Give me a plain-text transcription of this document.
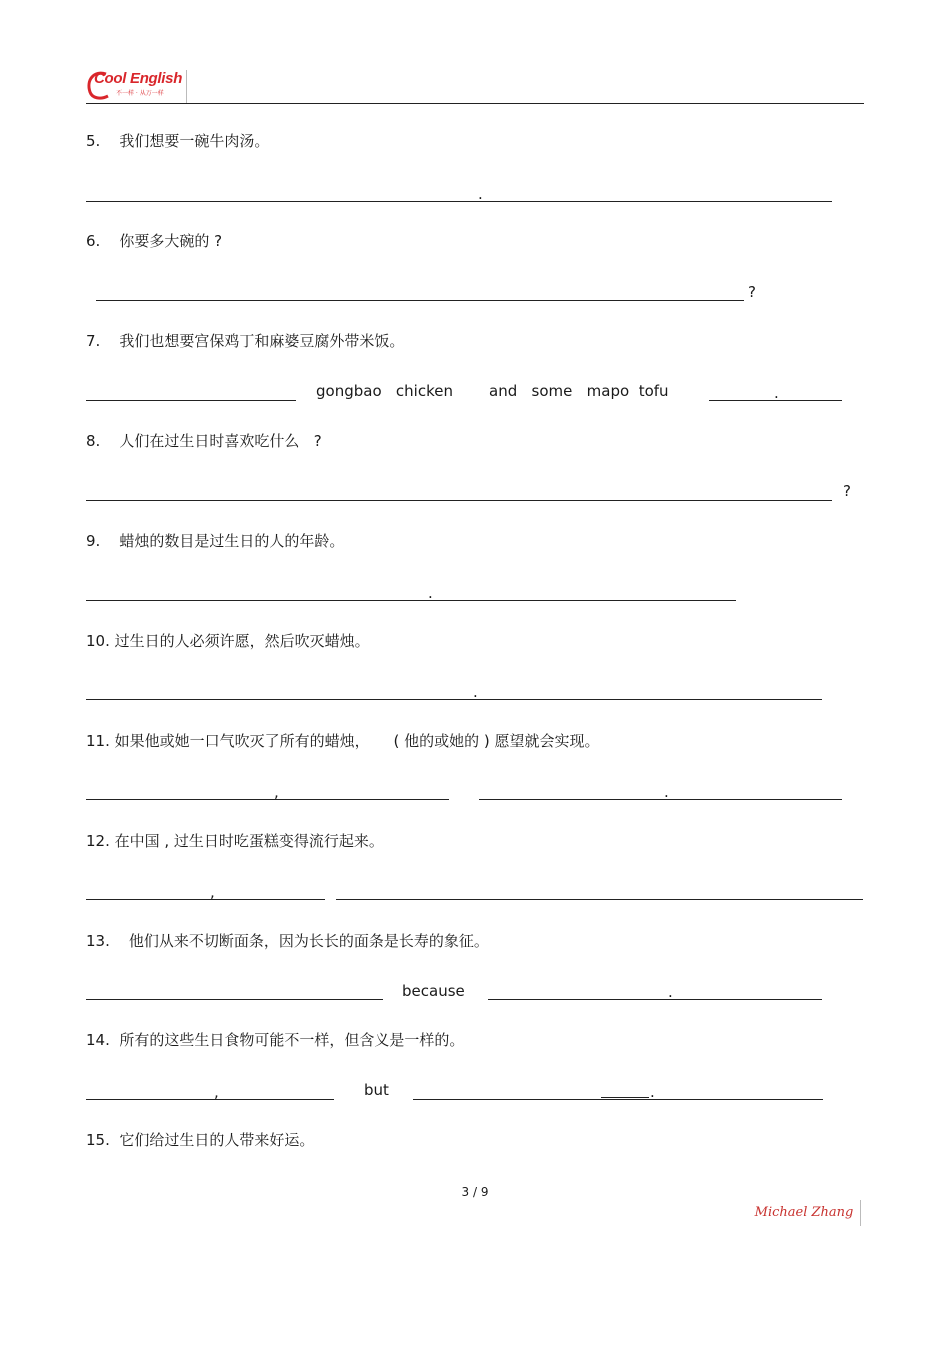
Cool English
不一样 · 从万一样
5.    我们想要一碗牛肉汤。
.
6.    你要多大碗的 ?
?
7.    我们也想要宫保鸡丁和麻婆豆腐外带米饭。
gongbao   chicken and   some   mapo  tofu	.
8.    人们在过生日时喜欢吃什么   ?
?
9.    蜡烛的数目是过生日的人的年龄。
.
10. 过生日的人必须许愿，然后吹灭蜡烛。
.
11. 如果他或她一口气吹灭了所有的蜡烛，     ( 他的或她的 ) 愿望就会实现。
,	.
12. 在中国 , 过生日时吃蛋糕变得流行起来。
,
13.    他们从来不切断面条，因为长长的面条是长寿的象征。
because	.
14.  所有的这些生日食物可能不一样，但含义是一样的。
,	but	.
15.  它们给过生日的人带来好运。
3 / 9
Michael Zhang
